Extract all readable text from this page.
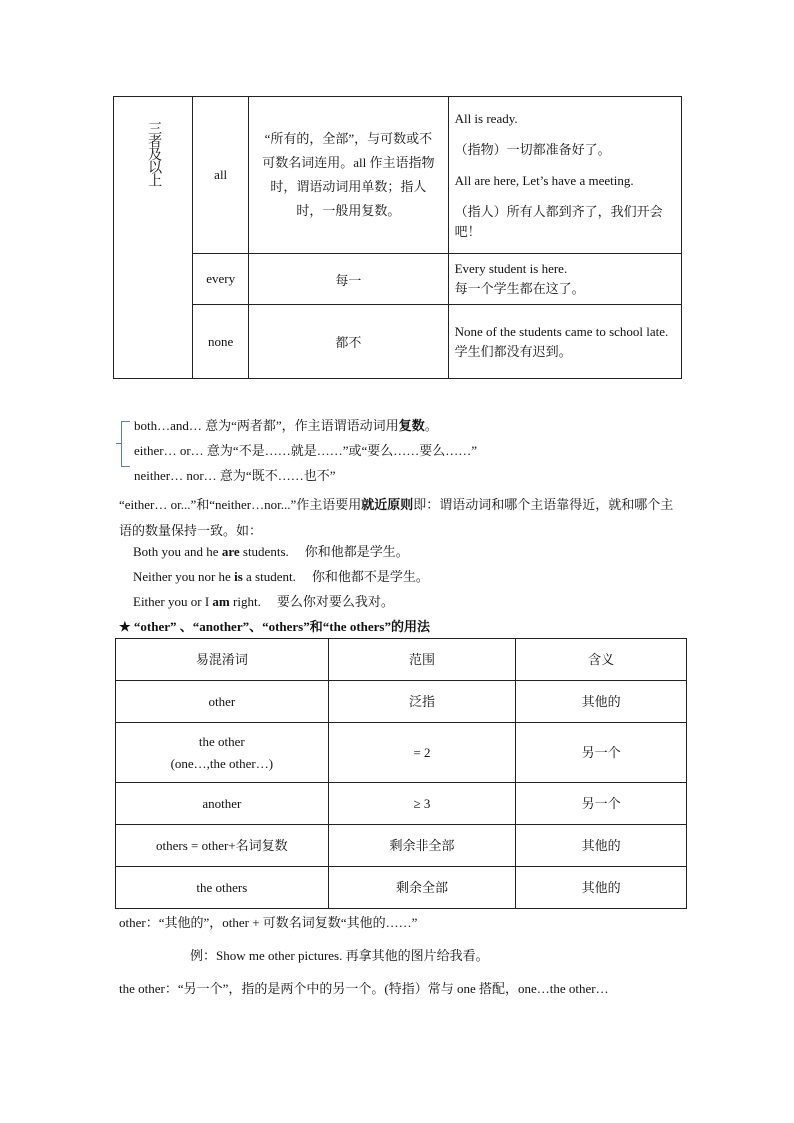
三者及以上	all	“所有的，全部”，与可数或不可数名词连用。all 作主语指物时，谓语动词用单数；指人时，一般用复数。	All is ready.
（指物）一切都准备好了。
All are here, Let’s have a meeting.
（指人）所有人都到齐了，我们开会吧！

	every	每一	Every student is here.
每一个学生都在这了。

	none	都不	None of the students came to school late.
学生们都没有迟到。
both…and… 意为“两者都”，作主语谓语动词用复数。
either… or… 意为“不是……就是……”或“要么……要么……”
neither… nor… 意为“既不……也不”
“either… or...”和“neither…nor...”作主语要用就近原则即：谓语动词和哪个主语靠得近，就和哪个主语的数量保持一致。如：
Both you and he are students. 你和他都是学生。
Neither you nor he is a student. 你和他都不是学生。
Either you or I am right. 要么你对要么我对。
★ “other” 、“another”、“others”和“the others”的用法
易混淆词	范围	含义
other	泛指	其他的

the other
(one…,the other…)	= 2	另一个
another	≥ 3	另一个
others = other+名词复数	剩余非全部	其他的
the others	剩余全部	其他的
other：“其他的”，other + 可数名词复数“其他的……”
例：Show me other pictures. 再拿其他的图片给我看。
the other：“另一个”，指的是两个中的另一个。(特指）常与 one 搭配，one…the other…
